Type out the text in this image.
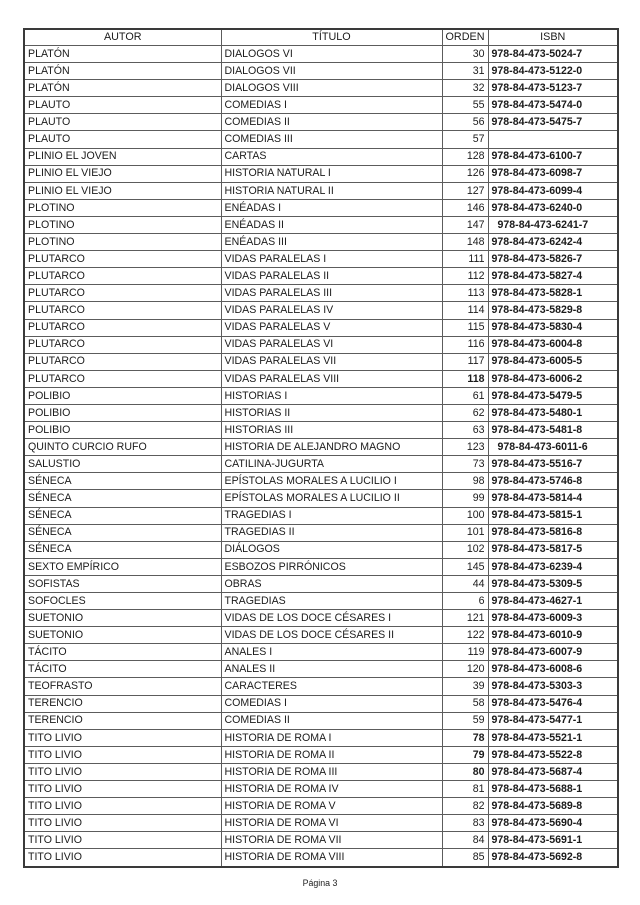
AUTOR	TÍTULO	ORDEN	ISBN
PLATÓN	DIALOGOS VI	30	978-84-473-5024-7
PLATÓN	DIALOGOS VII	31	978-84-473-5122-0
PLATÓN	DIALOGOS VIII	32	978-84-473-5123-7
PLAUTO	COMEDIAS I	55	978-84-473-5474-0
PLAUTO	COMEDIAS II	56	978-84-473-5475-7
PLAUTO	COMEDIAS III	57	
PLINIO EL JOVEN	CARTAS	128	978-84-473-6100-7
PLINIO EL VIEJO	HISTORIA NATURAL I	126	978-84-473-6098-7
PLINIO EL VIEJO	HISTORIA NATURAL II	127	978-84-473-6099-4
PLOTINO	ENÉADAS I	146	978-84-473-6240-0
PLOTINO	ENÉADAS II	147	978-84-473-6241-7
PLOTINO	ENÉADAS III	148	978-84-473-6242-4
PLUTARCO	VIDAS PARALELAS I	111	978-84-473-5826-7
PLUTARCO	VIDAS PARALELAS II	112	978-84-473-5827-4
PLUTARCO	VIDAS PARALELAS III	113	978-84-473-5828-1
PLUTARCO	VIDAS PARALELAS IV	114	978-84-473-5829-8
PLUTARCO	VIDAS PARALELAS V	115	978-84-473-5830-4
PLUTARCO	VIDAS PARALELAS VI	116	978-84-473-6004-8
PLUTARCO	VIDAS PARALELAS VII	117	978-84-473-6005-5
PLUTARCO	VIDAS PARALELAS VIII	118	978-84-473-6006-2
POLIBIO	HISTORIAS I	61	978-84-473-5479-5
POLIBIO	HISTORIAS II	62	978-84-473-5480-1
POLIBIO	HISTORIAS III	63	978-84-473-5481-8
QUINTO CURCIO RUFO	HISTORIA DE ALEJANDRO MAGNO	123	978-84-473-6011-6
SALUSTIO	CATILINA-JUGURTA	73	978-84-473-5516-7
SÉNECA	EPÍSTOLAS MORALES A LUCILIO I	98	978-84-473-5746-8
SÉNECA	EPÍSTOLAS MORALES A LUCILIO II	99	978-84-473-5814-4
SÉNECA	TRAGEDIAS I	100	978-84-473-5815-1
SÉNECA	TRAGEDIAS II	101	978-84-473-5816-8
SÉNECA	DIÁLOGOS	102	978-84-473-5817-5
SEXTO EMPÍRICO	ESBOZOS PIRRÓNICOS	145	978-84-473-6239-4
SOFISTAS	OBRAS	44	978-84-473-5309-5
SOFOCLES	TRAGEDIAS	6	978-84-473-4627-1
SUETONIO	VIDAS DE LOS DOCE CÉSARES I	121	978-84-473-6009-3
SUETONIO	VIDAS DE LOS DOCE CÉSARES II	122	978-84-473-6010-9
TÁCITO	ANALES I	119	978-84-473-6007-9
TÁCITO	ANALES II	120	978-84-473-6008-6
TEOFRASTO	CARACTERES	39	978-84-473-5303-3
TERENCIO	COMEDIAS I	58	978-84-473-5476-4
TERENCIO	COMEDIAS II	59	978-84-473-5477-1
TITO LIVIO	HISTORIA DE ROMA I	78	978-84-473-5521-1
TITO LIVIO	HISTORIA DE ROMA II	79	978-84-473-5522-8
TITO LIVIO	HISTORIA DE ROMA III	80	978-84-473-5687-4
TITO LIVIO	HISTORIA DE ROMA IV	81	978-84-473-5688-1
TITO LIVIO	HISTORIA DE ROMA V	82	978-84-473-5689-8
TITO LIVIO	HISTORIA DE ROMA VI	83	978-84-473-5690-4
TITO LIVIO	HISTORIA DE ROMA VII	84	978-84-473-5691-1
TITO LIVIO	HISTORIA DE ROMA VIII	85	978-84-473-5692-8
Página 3
